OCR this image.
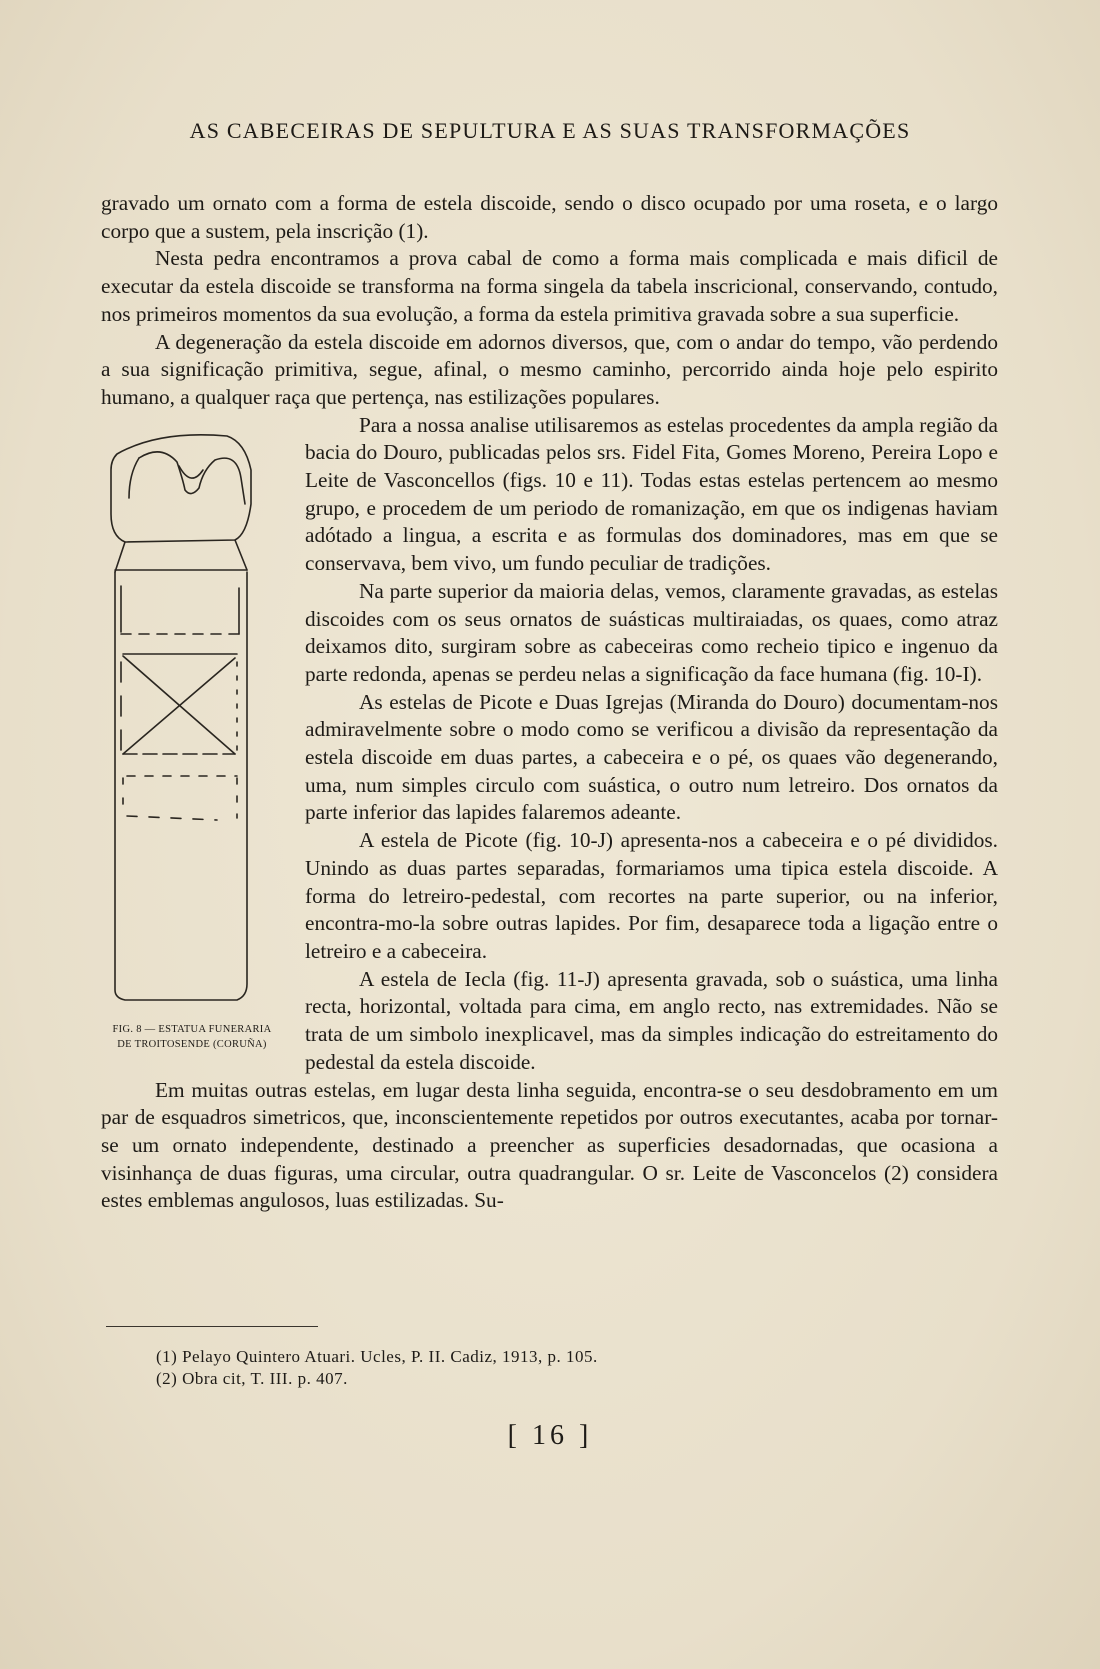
AS CABECEIRAS DE SEPULTURA E AS SUAS TRANSFORMAÇÕES

gravado um ornato com a forma de estela discoide, sendo o disco ocupado por uma roseta, e o largo corpo que a sustem, pela inscrição (1).

Nesta pedra encontramos a prova cabal de como a forma mais complicada e mais dificil de executar da estela discoide se transforma na forma singela da tabela inscricional, conservando, contudo, nos primeiros momentos da sua evolução, a forma da estela primitiva gravada sobre a sua superficie.

A degeneração da estela discoide em adornos diversos, que, com o andar do tempo, vão perdendo a sua significação primitiva, segue, afinal, o mesmo caminho, percorrido ainda hoje pelo espirito humano, a qualquer raça que pertença, nas estilizações populares.

FIG. 8 — ESTATUA FUNERARIA
DE TROITOSENDE (CORUÑA)

Para a nossa analise utilisaremos as estelas procedentes da ampla região da bacia do Douro, publicadas pelos srs. Fidel Fita, Gomes Moreno, Pereira Lopo e Leite de Vasconcellos (figs. 10 e 11). Todas estas estelas pertencem ao mesmo grupo, e procedem de um periodo de romanização, em que os indigenas haviam adótado a lingua, a escrita e as formulas dos dominadores, mas em que se conservava, bem vivo, um fundo peculiar de tradições.

Na parte superior da maioria delas, vemos, claramente gravadas, as estelas discoides com os seus ornatos de suásticas multiraiadas, os quaes, como atraz deixamos dito, surgiram sobre as cabeceiras como recheio tipico e ingenuo da parte redonda, apenas se perdeu nelas a significação da face humana (fig. 10-I).

As estelas de Picote e Duas Igrejas (Miranda do Douro) documentam-nos admiravelmente sobre o modo como se verificou a divisão da representação da estela discoide em duas partes, a cabeceira e o pé, os quaes vão degenerando, uma, num simples circulo com suástica, o outro num letreiro. Dos ornatos da parte inferior das lapides falaremos adeante.

A estela de Picote (fig. 10-J) apresenta-nos a cabeceira e o pé divididos. Unindo as duas partes separadas, formariamos uma tipica estela discoide. A forma do letreiro-pedestal, com recortes na parte superior, ou na inferior, encontra-mo-la sobre outras lapides. Por fim, desaparece toda a ligação entre o letreiro e a cabeceira.

A estela de Iecla (fig. 11-J) apresenta gravada, sob o suástica, uma linha recta, horizontal, voltada para cima, em anglo recto, nas extremidades. Não se trata de um simbolo inexplicavel, mas da simples indicação do estreitamento do pedestal da estela discoide.

Em muitas outras estelas, em lugar desta linha seguida, encontra-se o seu desdobramento em um par de esquadros simetricos, que, inconscientemente repetidos por outros executantes, acaba por tornar-se um ornato independente, destinado a preencher as superficies desadornadas, que ocasiona a visinhança de duas figuras, uma circular, outra quadrangular. O sr. Leite de Vasconcelos (2) considera estes emblemas angulosos, luas estilizadas. Su-

(1) Pelayo Quintero Atuari. Ucles, P. II. Cadiz, 1913, p. 105.
(2) Obra cit, T. III. p. 407.
[ 16 ]
